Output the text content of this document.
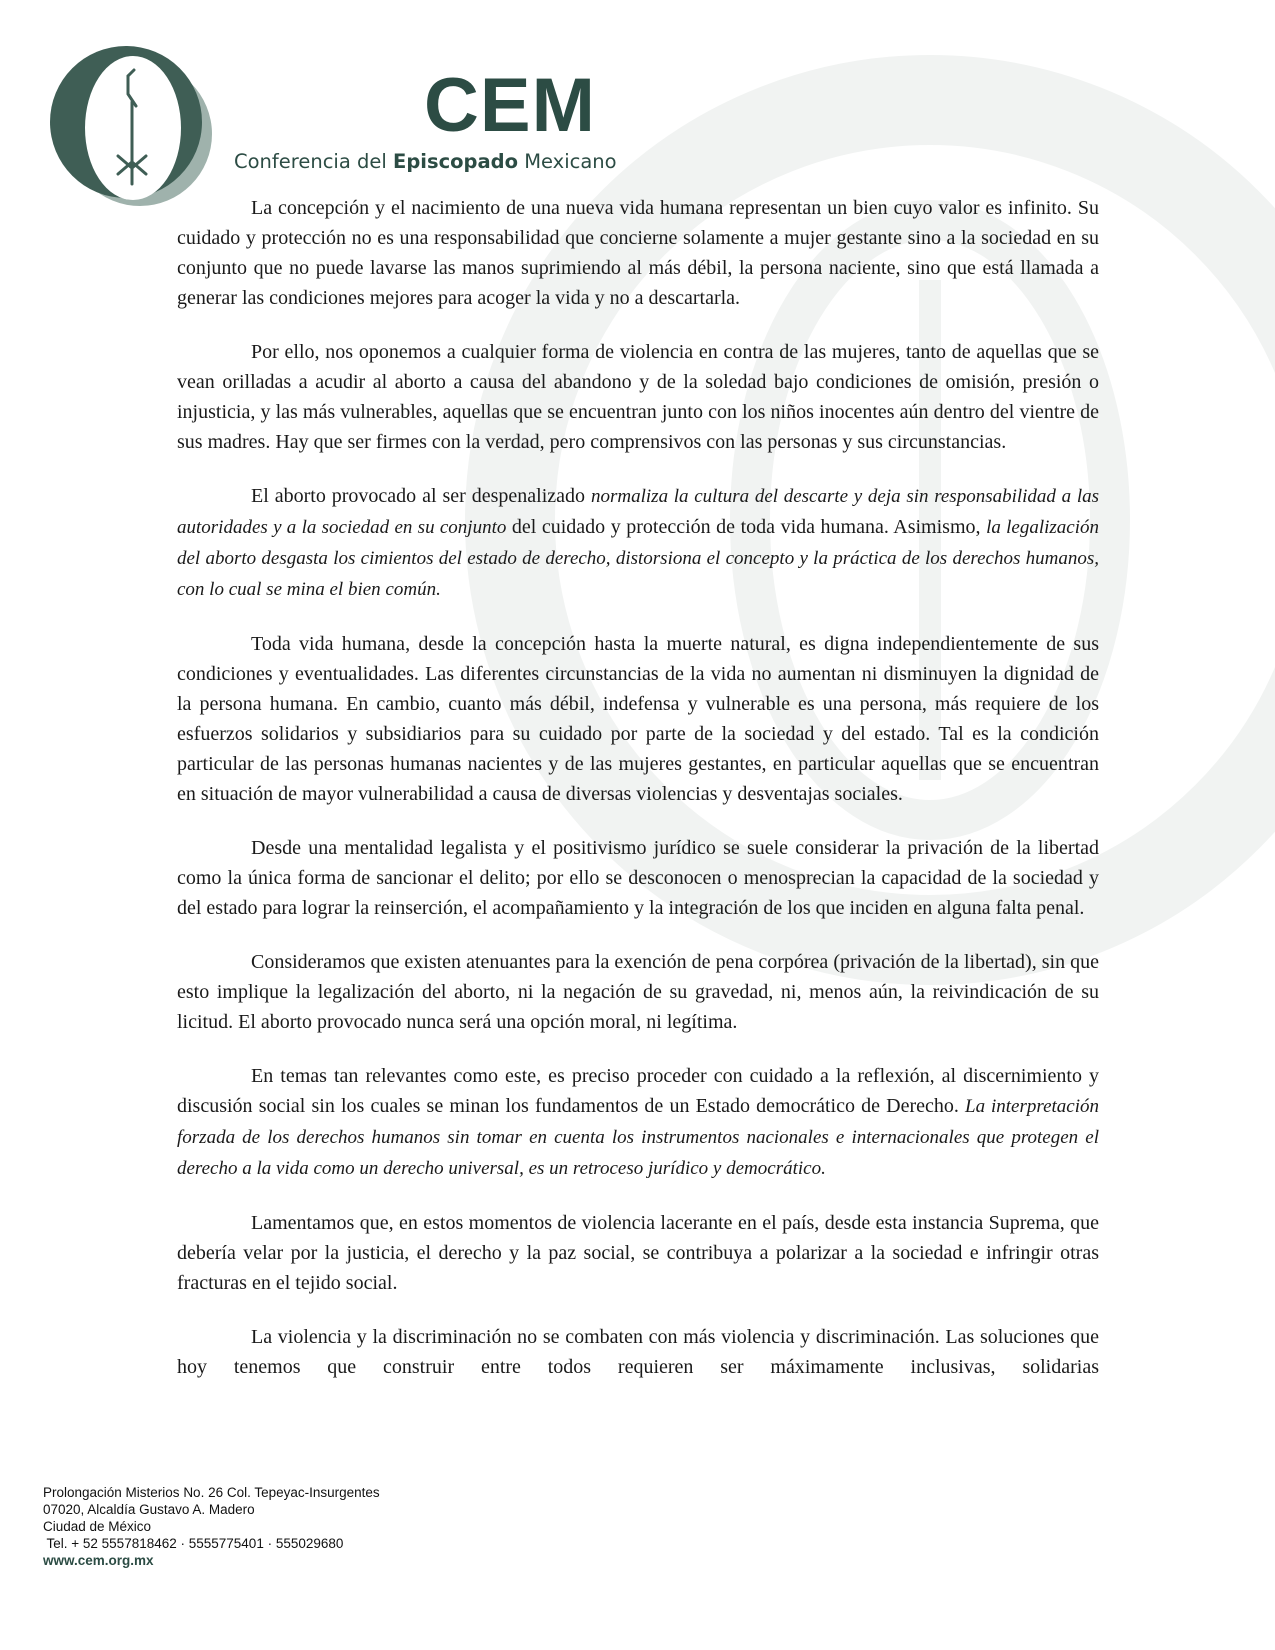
CEM
Conferencia del Episcopado Mexicano

La concepción y el nacimiento de una nueva vida humana representan un bien cuyo valor es infinito. Su cuidado y protección no es una responsabilidad que concierne solamente a mujer gestante sino a la sociedad en su conjunto que no puede lavarse las manos suprimiendo al más débil, la persona naciente, sino que está llamada a generar las condiciones mejores para acoger la vida y no a descartarla.

Por ello, nos oponemos a cualquier forma de violencia en contra de las mujeres, tanto de aquellas que se vean orilladas a acudir al aborto a causa del abandono y de la soledad bajo condiciones de omisión, presión o injusticia, y las más vulnerables, aquellas que se encuentran junto con los niños inocentes aún dentro del vientre de sus madres. Hay que ser firmes con la verdad, pero comprensivos con las personas y sus circunstancias.

El aborto provocado al ser despenalizado normaliza la cultura del descarte y deja sin responsabilidad a las autoridades y a la sociedad en su conjunto del cuidado y protección de toda vida humana. Asimismo, la legalización del aborto desgasta los cimientos del estado de derecho, distorsiona el concepto y la práctica de los derechos humanos, con lo cual se mina el bien común.

Toda vida humana, desde la concepción hasta la muerte natural, es digna independientemente de sus condiciones y eventualidades. Las diferentes circunstancias de la vida no aumentan ni disminuyen la dignidad de la persona humana. En cambio, cuanto más débil, indefensa y vulnerable es una persona, más requiere de los esfuerzos solidarios y subsidiarios para su cuidado por parte de la sociedad y del estado. Tal es la condición particular de las personas humanas nacientes y de las mujeres gestantes, en particular aquellas que se encuentran en situación de mayor vulnerabilidad a causa de diversas violencias y desventajas sociales.

Desde una mentalidad legalista y el positivismo jurídico se suele considerar la privación de la libertad como la única forma de sancionar el delito; por ello se desconocen o menosprecian la capacidad de la sociedad y del estado para lograr la reinserción, el acompañamiento y la integración de los que inciden en alguna falta penal.

Consideramos que existen atenuantes para la exención de pena corpórea (privación de la libertad), sin que esto implique la legalización del aborto, ni la negación de su gravedad, ni, menos aún, la reivindicación de su licitud. El aborto provocado nunca será una opción moral, ni legítima.

En temas tan relevantes como este, es preciso proceder con cuidado a la reflexión, al discernimiento y discusión social sin los cuales se minan los fundamentos de un Estado democrático de Derecho. La interpretación forzada de los derechos humanos sin tomar en cuenta los instrumentos nacionales e internacionales que protegen el derecho a la vida como un derecho universal, es un retroceso jurídico y democrático.

Lamentamos que, en estos momentos de violencia lacerante en el país, desde esta instancia Suprema, que debería velar por la justicia, el derecho y la paz social, se contribuya a polarizar a la sociedad e infringir otras fracturas en el tejido social.

La violencia y la discriminación no se combaten con más violencia y discriminación. Las soluciones que hoy tenemos que construir entre todos requieren ser máximamente inclusivas, solidarias

Prolongación Misterios No. 26 Col. Tepeyac-Insurgentes
07020, Alcaldía Gustavo A. Madero
Ciudad de México
Tel. + 52 5557818462 · 5555775401 · 555029680
www.cem.org.mx
